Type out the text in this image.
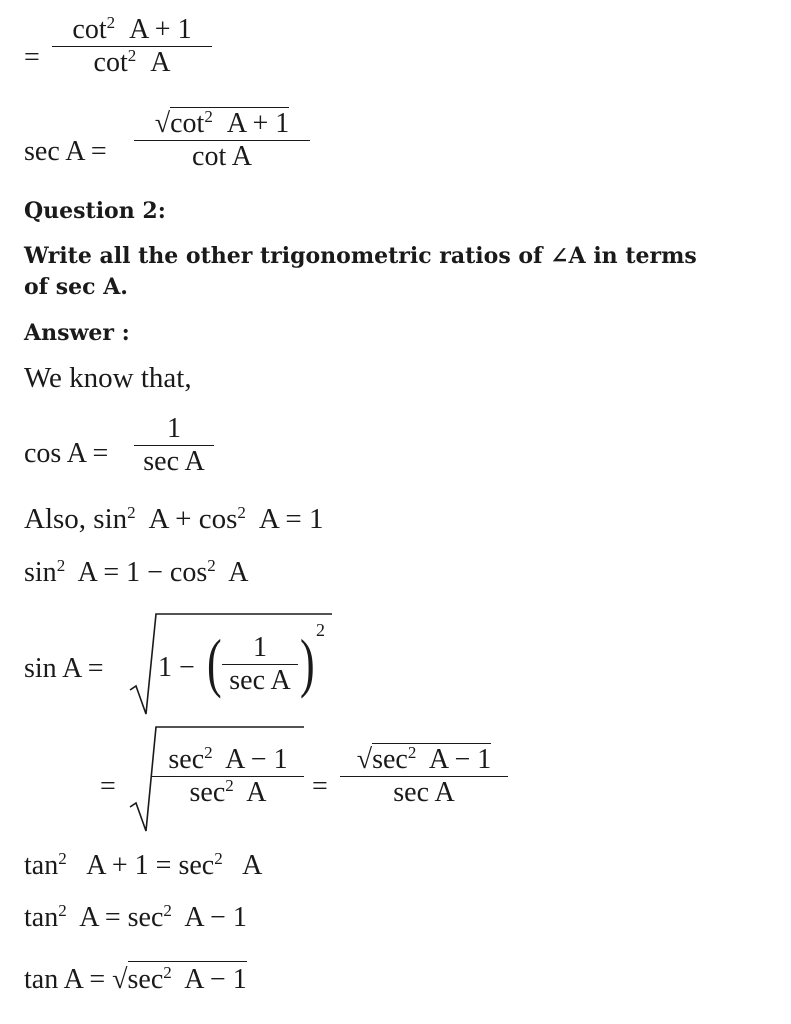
=
$\cot^2 A + 1$
$\cot^2 A$
sec A =
$√\cot^2$ A + 1
cot A
Question 2:
Write all the other trigonometric ratios of ∠A in terms
of sec A.
Answer :
We know that,
cos A =
1
sec A
Also, $\sin^2 A + \cos^2 A = 1$
$\sin^2 A = 1 - \cos^2 A$
sin A = 1 − (	1
sec A ) 2
=
$\sec^2 A - 1$
$\sec^2 A$	=
$√\sec^2$ A − 1
sec A
$\tan^2 A + 1 = \sec^2 A$
$\tan^2 A = \sec^2 A - 1$
$\tan A = √\sec^2$ A − 1
